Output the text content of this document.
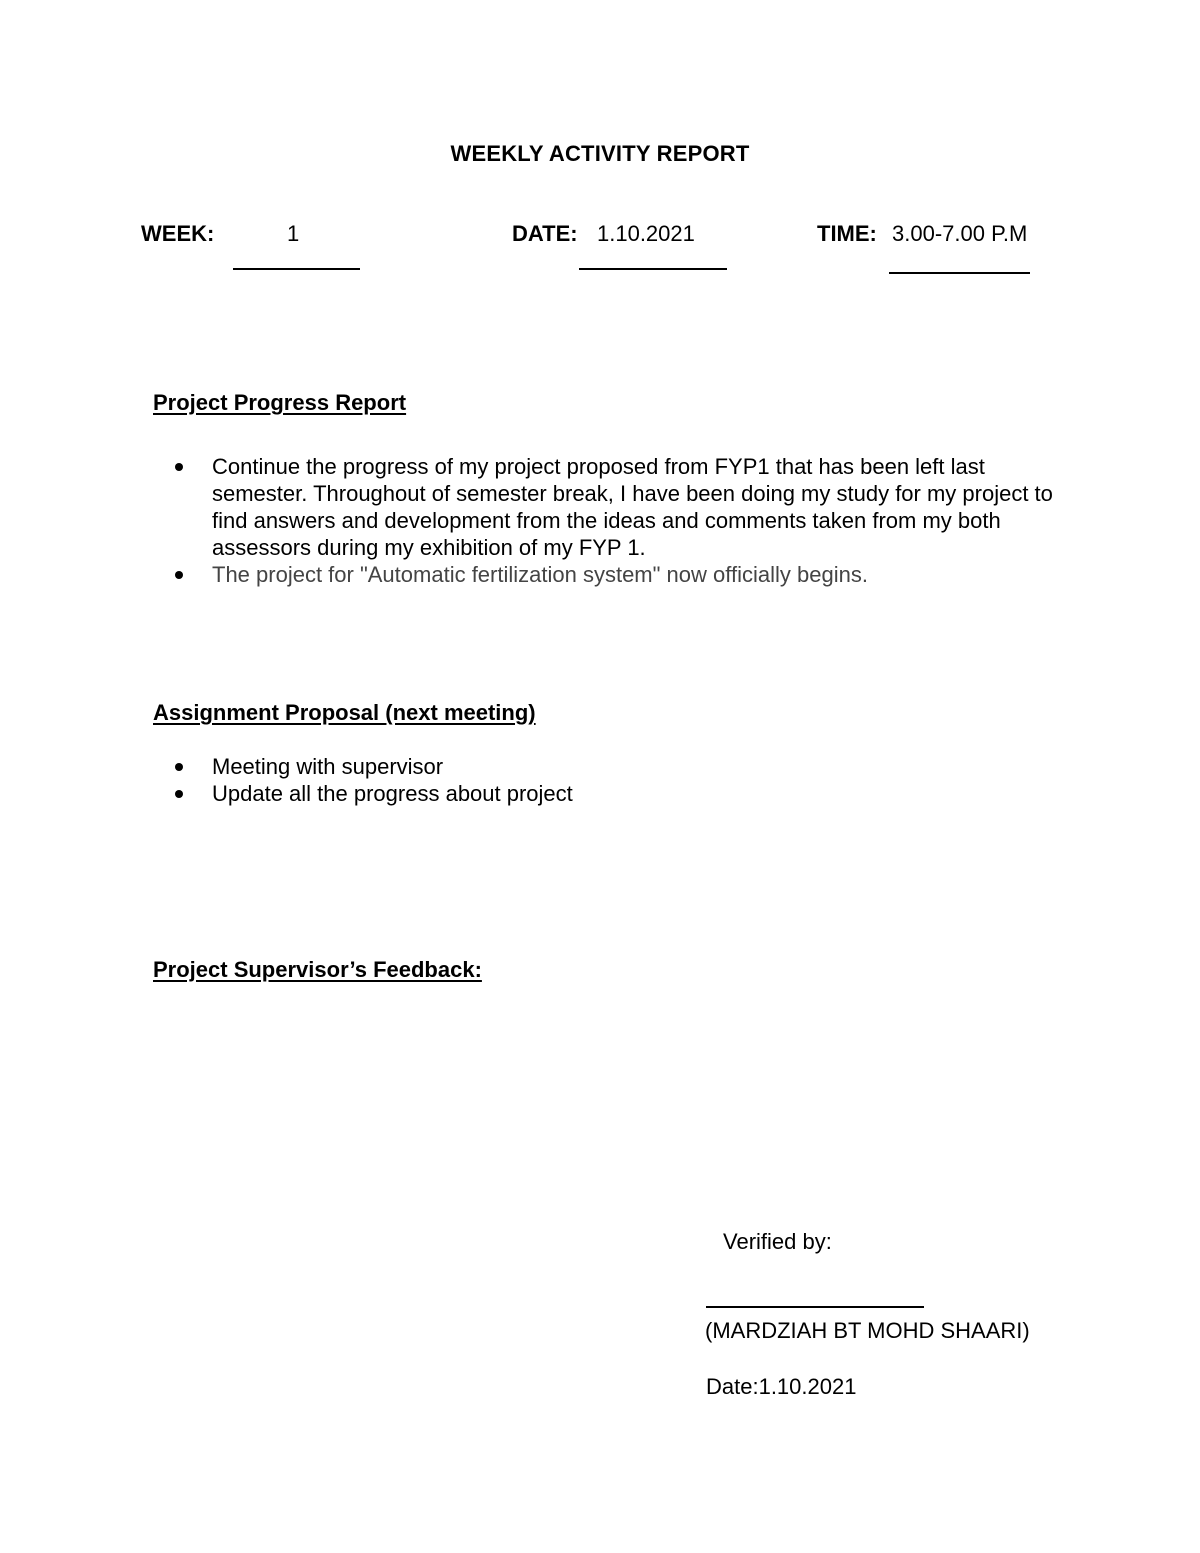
WEEKLY ACTIVITY REPORT
WEEK:	1	DATE: 1.10.2021	TIME: 3.00-7.00 P.M
Project Progress Report
Continue the progress of my project proposed from FYP1 that has been left last semester. Throughout of semester break, I have been doing my study for my project to find answers and development from the ideas and comments taken from my both assessors during my exhibition of my FYP 1.
The project for "Automatic fertilization system" now officially begins.
Assignment Proposal (next meeting)
Meeting with supervisor
Update all the progress about project
Project Supervisor’s Feedback:
Verified by:
(MARDZIAH BT MOHD SHAARI)
Date:1.10.2021
